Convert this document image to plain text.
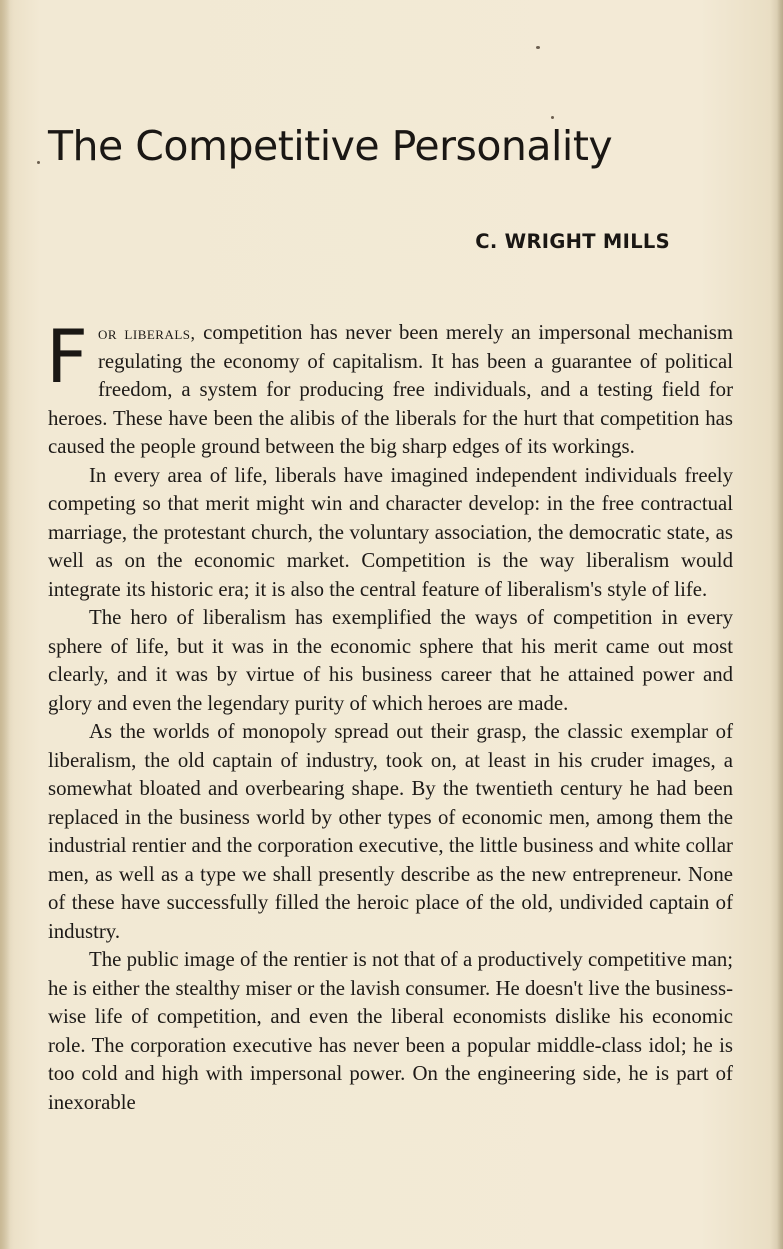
The Competitive Personality
C. WRIGHT MILLS

For liberals, competition has never been merely an impersonal mechanism regulating the economy of capitalism. It has been a guarantee of political freedom, a system for producing free individuals, and a testing field for heroes. These have been the alibis of the liberals for the hurt that competition has caused the people ground between the big sharp edges of its workings.

In every area of life, liberals have imagined independent individuals freely competing so that merit might win and character develop: in the free contractual marriage, the protestant church, the voluntary association, the democratic state, as well as on the economic market. Competition is the way liberalism would integrate its historic era; it is also the central feature of liberalism's style of life.

The hero of liberalism has exemplified the ways of competition in every sphere of life, but it was in the economic sphere that his merit came out most clearly, and it was by virtue of his business career that he attained power and glory and even the legendary purity of which heroes are made.

As the worlds of monopoly spread out their grasp, the classic exemplar of liberalism, the old captain of industry, took on, at least in his cruder images, a somewhat bloated and overbearing shape. By the twentieth century he had been replaced in the business world by other types of economic men, among them the industrial rentier and the corporation executive, the little business and white collar men, as well as a type we shall presently describe as the new entrepreneur. None of these have successfully filled the heroic place of the old, undivided captain of industry.

The public image of the rentier is not that of a productively competitive man; he is either the stealthy miser or the lavish consumer. He doesn't live the business-wise life of competition, and even the liberal economists dislike his economic role. The corporation executive has never been a popular middle-class idol; he is too cold and high with impersonal power. On the engineering side, he is part of inexorable
